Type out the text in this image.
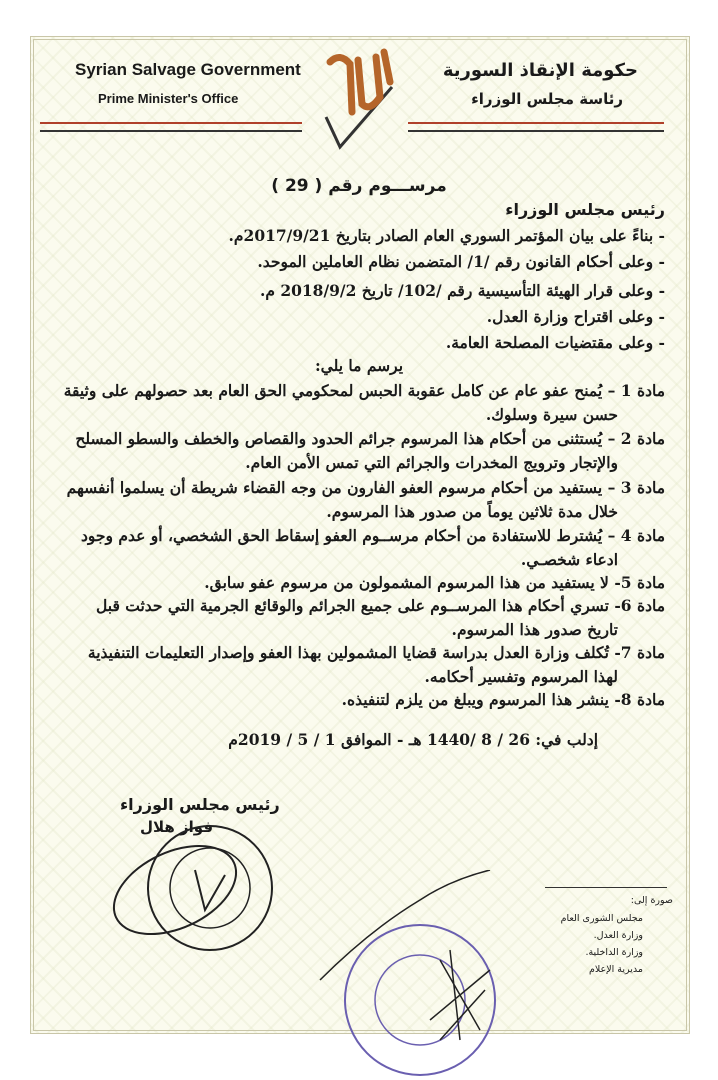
Syrian Salvage Government
Prime Minister's Office
حكومة الإنقاذ السورية
رئاسة مجلس الوزراء
مرســـوم رقم ( 29 )
رئيس مجلس الوزراء
- بناءً على بيان المؤتمر السوري العام الصادر بتاريخ 2017/9/21م.
- وعلى أحكام القانون رقم /1/ المتضمن نظام العاملين الموحد.
- وعلى قرار الهيئة التأسيسية رقم /102/ تاريخ 2018/9/2 م.
- وعلى اقتراح وزارة العدل.
- وعلى مقتضيات المصلحة العامة.
يرسم ما يلي:
مادة 1 – يُمنح عفو عام عن كامل عقوبة الحبس لمحكومي الحق العام بعد حصولهم على وثيقة
حسن سيرة وسلوك.
مادة 2 – يُستثنى من أحكام هذا المرسوم جرائم الحدود والقصاص والخطف والسطو المسلح
والإتجار وترويج المخدرات والجرائم التي تمس الأمن العام.
مادة 3 – يستفيد من أحكام مرسوم العفو الفارون من وجه القضاء شريطة أن يسلموا أنفسهم
خلال مدة ثلاثين يوماً من صدور هذا المرسوم.
مادة 4 – يُشترط للاستفادة من أحكام مرســوم العفو إسقاط الحق الشخصي، أو عدم وجود
ادعاء شخصـي.
مادة 5- لا يستفيد من هذا المرسوم المشمولون من مرسوم عفو سابق.
مادة 6- تسري أحكام هذا المرســوم على جميع الجرائم والوقائع الجرمية التي حدثت قبل
تاريخ صدور هذا المرسوم.
مادة 7- تُكلف وزارة العدل بدراسة قضايا المشمولين بهذا العفو وإصدار التعليمات التنفيذية
لهذا المرسوم وتفسير أحكامه.
مادة 8- ينشر هذا المرسوم ويبلغ من يلزم لتنفيذه.
إدلب في: 26 / 8 /1440 هـ - الموافق 1 / 5 / 2019م
رئيس مجلس الوزراء
فواز هلال
صورة إلى:
مجلس الشورى العام
وزارة العدل.
وزارة الداخلية.
مديرية الإعلام
